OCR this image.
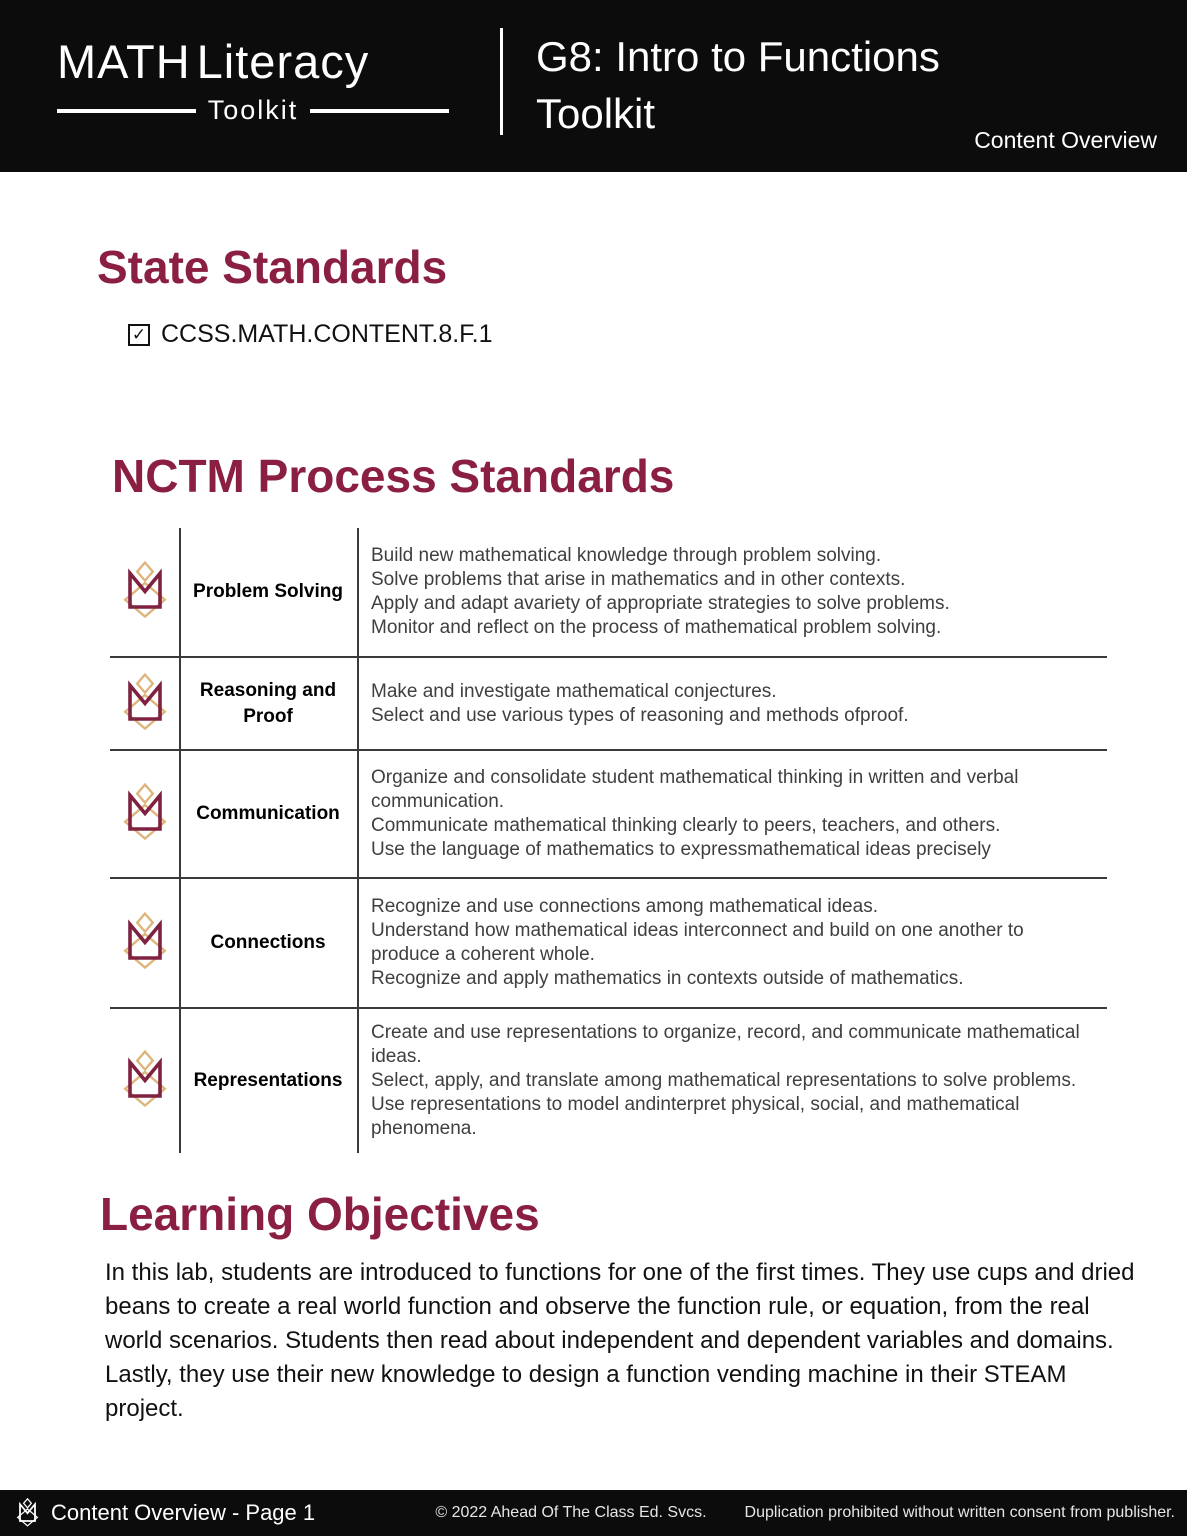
MATH Literacy
Toolkit
G8: Intro to Functions
Toolkit
Content Overview
State Standards
✓ CCSS.MATH.CONTENT.8.F.1
NCTM Process Standards
Problem Solving
Build new mathematical knowledge through problem solving.
Solve problems that arise in mathematics and in other contexts.
Apply and adapt avariety of appropriate strategies to solve problems.
Monitor and reflect on the process of mathematical problem solving.
Reasoning and Proof
Make and investigate mathematical conjectures.
Select and use various types of reasoning and methods ofproof.
Communication
Organize and consolidate student mathematical thinking in written and verbal communication.
Communicate mathematical thinking clearly to peers, teachers, and others.
Use the language of mathematics to expressmathematical ideas precisely
Connections
Recognize and use connections among mathematical ideas.
Understand how mathematical ideas interconnect and build on one another to produce a coherent whole.
Recognize and apply mathematics in contexts outside of mathematics.
Representations
Create and use representations to organize, record, and communicate mathematical ideas.
Select, apply, and translate among mathematical representations to solve problems.
Use representations to model andinterpret physical, social, and mathematical phenomena.
Learning Objectives

In this lab, students are introduced to functions for one of the first times. They use cups and dried beans to create a real world function and observe the function rule, or equation, from the real world scenarios. Students then read about independent and dependent variables and domains. Lastly, they use their new knowledge to design a function vending machine in their STEAM project.

Content Overview - Page 1	© 2022 Ahead Of The Class Ed. Svcs. Duplication prohibited without written consent from publisher.
